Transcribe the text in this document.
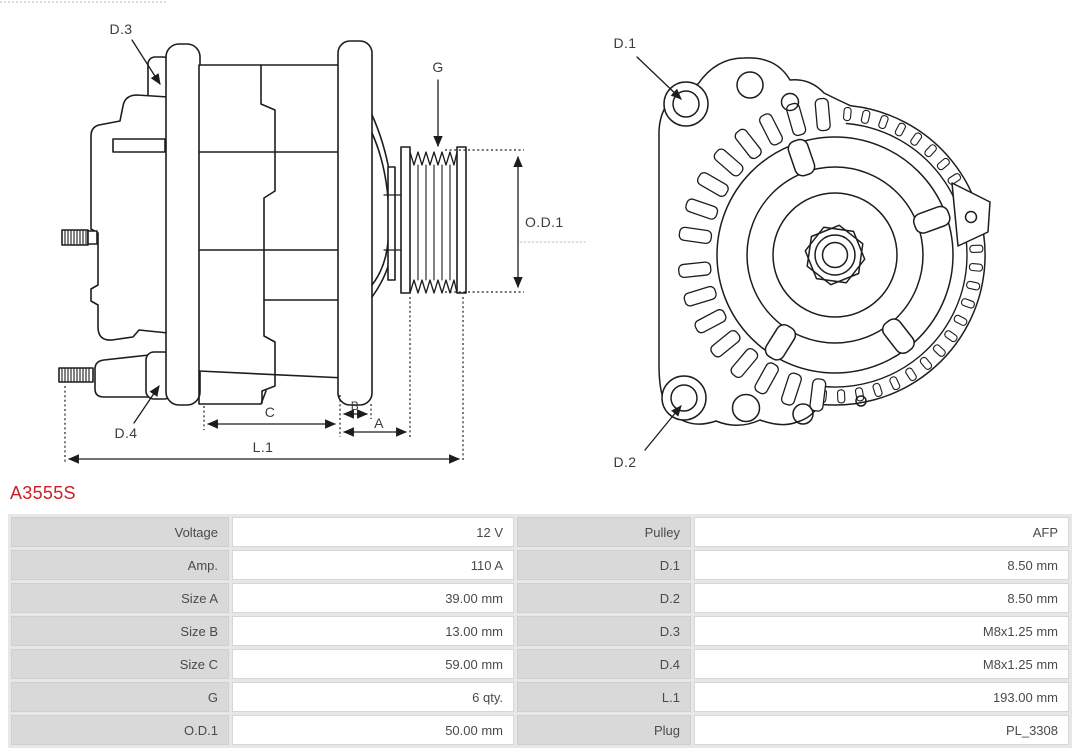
D.3
G
O.D.1
D.4
C	B
A
L.1
D.1
D.2
A3555S
Voltage	12 V	Pulley	AFP
Amp.	110 A	D.1	8.50 mm
Size A	39.00 mm	D.2	8.50 mm
Size B	13.00 mm	D.3	M8x1.25 mm
Size C	59.00 mm	D.4	M8x1.25 mm
G	6 qty.	L.1	193.00 mm
O.D.1	50.00 mm	Plug	PL_3308
